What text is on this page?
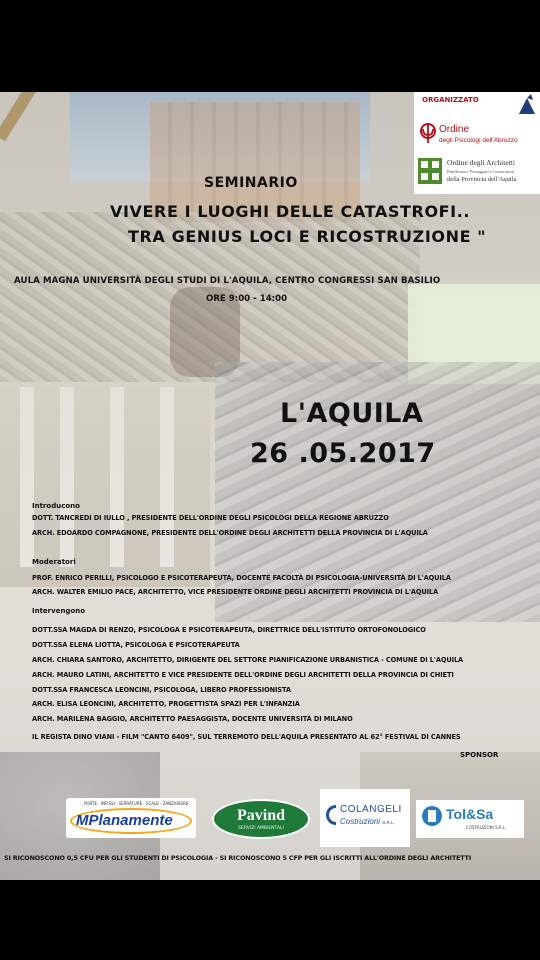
ORGANIZZATO
Ordine
degli Psicologi dell'Abruzzo
Ordine degli Architetti
Pianificatori, Paesaggisti e Conservatori
della Provincia dell'Aquila
SEMINARIO
VIVERE I LUOGHI DELLE CATASTROFI..
TRA GENIUS LOCI E RICOSTRUZIONE "
AULA MAGNA UNIVERSITÀ DEGLI STUDI DI L'AQUILA, CENTRO CONGRESSI SAN BASILIO
ORE 9:00 - 14:00
L'AQUILA
26 .05.2017
Introducono
DOTT. TANCREDI DI IULLO , PRESIDENTE DELL'ORDINE DEGLI PSICOLOGI DELLA REGIONE ABRUZZO
ARCH. EDOARDO COMPAGNONE, PRESIDENTE DELL'ORDINE DEGLI ARCHITETTI DELLA PROVINCIA DI L'AQUILA
Moderatori
PROF. ENRICO PERILLI, PSICOLOGO E PSICOTERAPEUTA, DOCENTE FACOLTÀ DI PSICOLOGIA-UNIVERSITÀ DI L'AQUILA
ARCH. WALTER EMILIO PACE, ARCHITETTO, VICE PRESIDENTE ORDINE DEGLI ARCHITETTI PROVINCIA DI L'AQUILA
Intervengono
DOTT.SSA MAGDA DI RENZO, PSICOLOGA E PSICOTERAPEUTA, DIRETTRICE DELL'ISTITUTO ORTOFONOLOGICO
DOTT.SSA ELENA LIOTTA, PSICOLOGA E PSICOTERAPEUTA
ARCH. CHIARA SANTORO, ARCHITETTO, DIRIGENTE DEL SETTORE PIANIFICAZIONE URBANISTICA - COMUNE DI L'AQUILA
ARCH. MAURO LATINI, ARCHITETTO E VICE PRESIDENTE DELL'ORDINE DEGLI ARCHITETTI DELLA PROVINCIA DI CHIETI
DOTT.SSA FRANCESCA LEONCINI, PSICOLOGA, LIBERO PROFESSIONISTA
ARCH. ELISA LEONCINI, ARCHITETTO, PROGETTISTA SPAZI PER L'INFANZIA
ARCH. MARILENA BAGGIO, ARCHITETTO PAESAGGISTA, DOCENTE UNIVERSITÀ DI MILANO
IL REGISTA DINO VIANI - FILM "CANTO 6409", SUL TERREMOTO DELL'AQUILA PRESENTATO AL 62° FESTIVAL DI CANNES
SPONSOR
PORTE · INFISSI · SERRATURE · SCALE · ZANZARIERE
MPlanamente	Pavind
SERVIZI AMBIENTALI
COLANGELI
Costruzioni S.R.L.
Tol&Sa
COSTRUZIONI S.R.L.
SI RICONOSCONO 0,5 CFU PER GLI STUDENTI DI PSICOLOGIA - SI RICONOSCONO 5 CFP PER GLI ISCRITTI ALL'ORDINE DEGLI ARCHITETTI
